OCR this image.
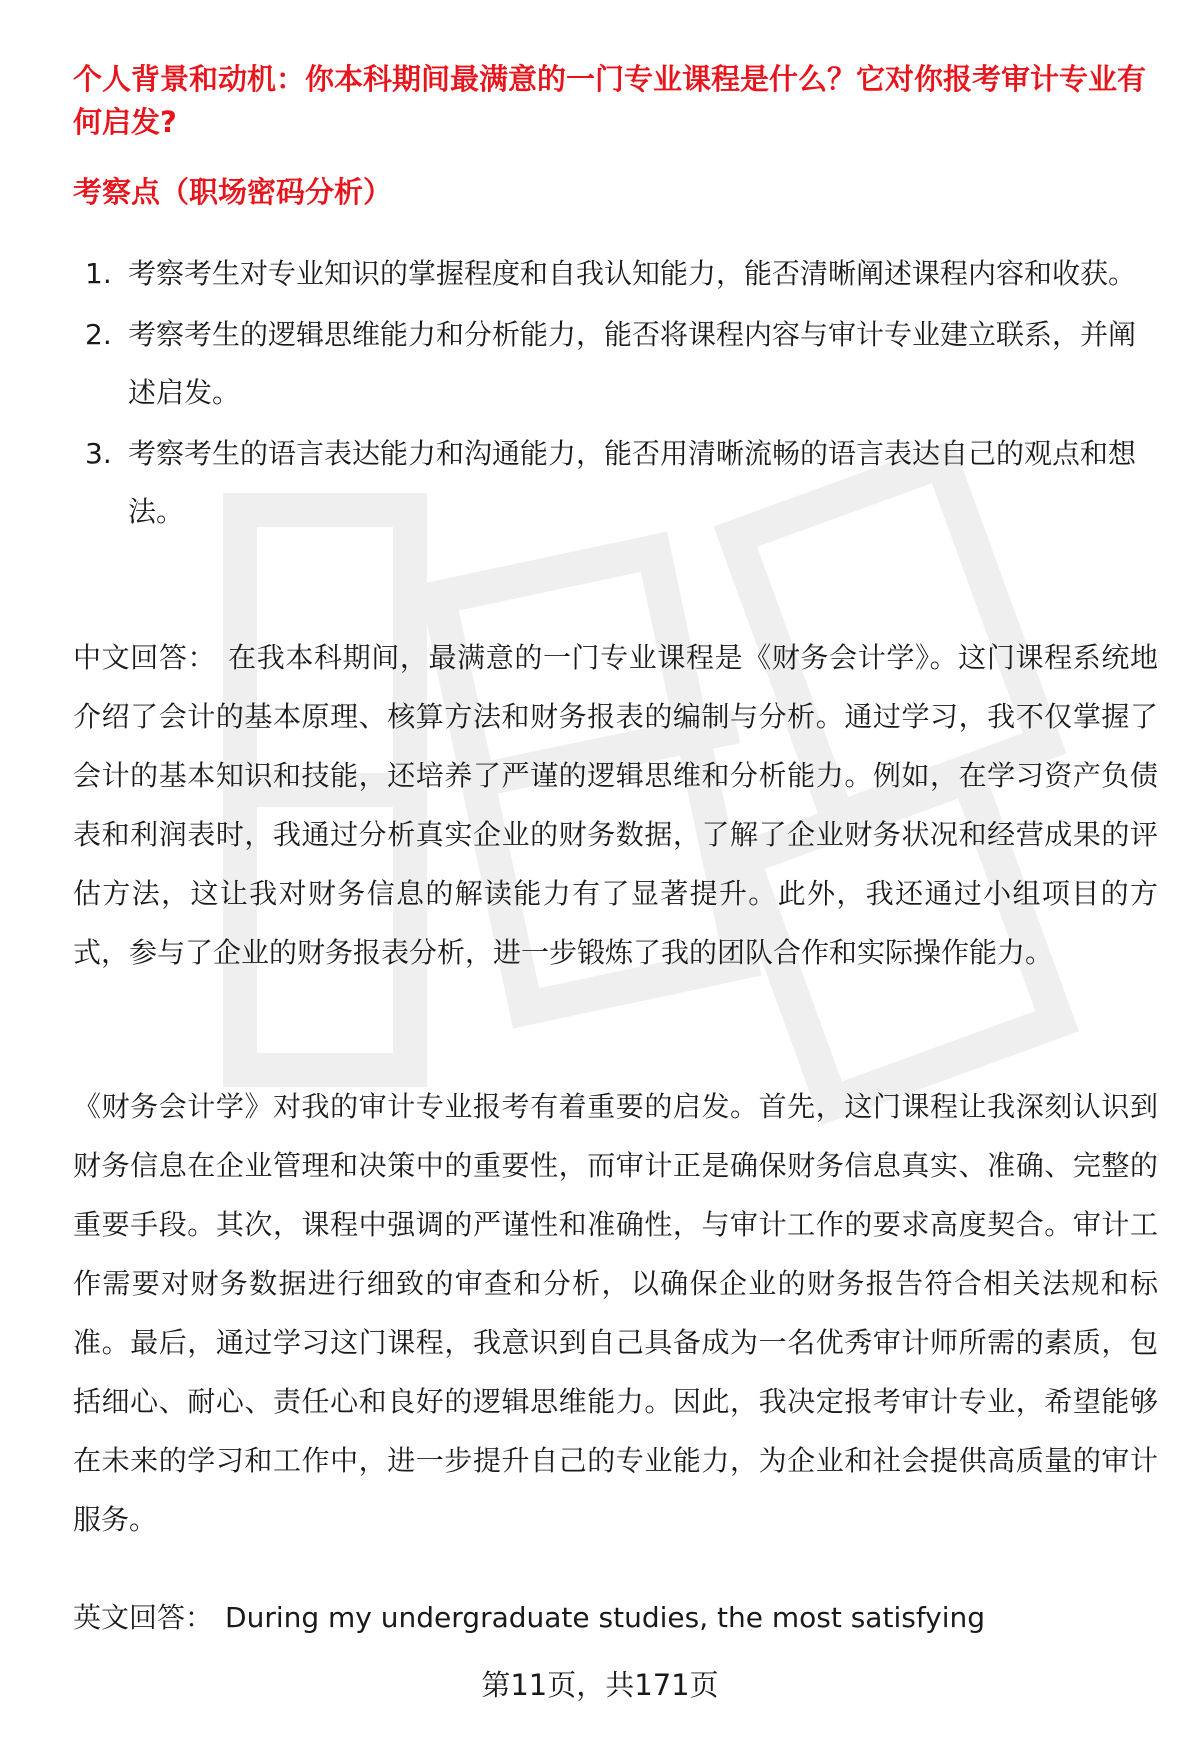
个人背景和动机：你本科期间最满意的一门专业课程是什么？它对你报考审计专业有何启发?
考察点（职场密码分析）
1. 考察考生对专业知识的掌握程度和自我认知能力，能否清晰阐述课程内容和收获。
2. 考察考生的逻辑思维能力和分析能力，能否将课程内容与审计专业建立联系，并阐述启发。
3. 考察考生的语言表达能力和沟通能力，能否用清晰流畅的语言表达自己的观点和想法。

中文回答： 在我本科期间，最满意的一门专业课程是《财务会计学》。这门课程系统地介绍了会计的基本原理、核算方法和财务报表的编制与分析。通过学习，我不仅掌握了会计的基本知识和技能，还培养了严谨的逻辑思维和分析能力。例如，在学习资产负债表和利润表时，我通过分析真实企业的财务数据，了解了企业财务状况和经营成果的评估方法，这让我对财务信息的解读能力有了显著提升。此外，我还通过小组项目的方式，参与了企业的财务报表分析，进一步锻炼了我的团队合作和实际操作能力。

《财务会计学》对我的审计专业报考有着重要的启发。首先，这门课程让我深刻认识到财务信息在企业管理和决策中的重要性，而审计正是确保财务信息真实、准确、完整的重要手段。其次，课程中强调的严谨性和准确性，与审计工作的要求高度契合。审计工作需要对财务数据进行细致的审查和分析，以确保企业的财务报告符合相关法规和标准。最后，通过学习这门课程，我意识到自己具备成为一名优秀审计师所需的素质，包括细心、耐心、责任心和良好的逻辑思维能力。因此，我决定报考审计专业，希望能够在未来的学习和工作中，进一步提升自己的专业能力，为企业和社会提供高质量的审计服务。

英文回答： During my undergraduate studies, the most satisfying

第11页，共171页
